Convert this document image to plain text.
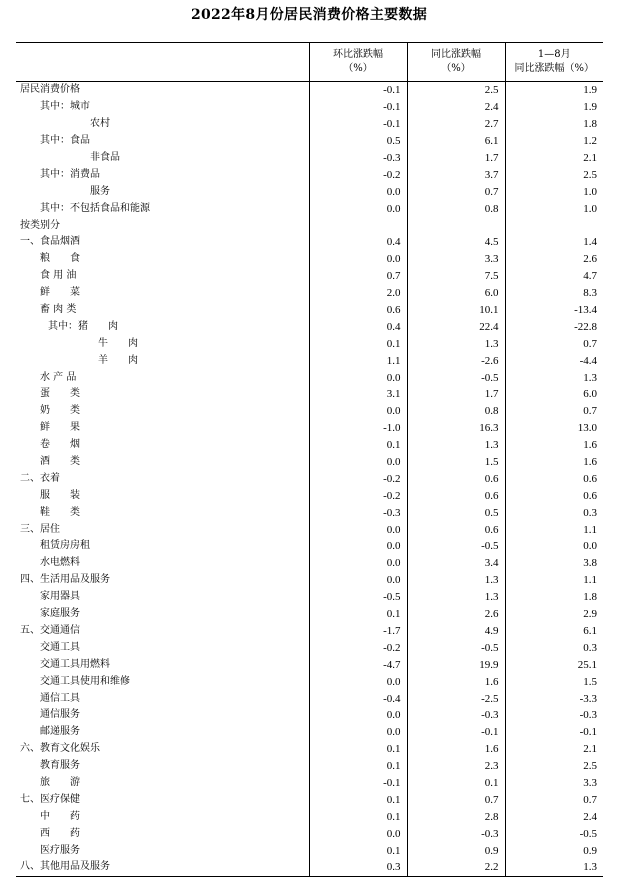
2022年8月份居民消费价格主要数据

	环比涨跌幅
（%）	同比涨跌幅
（%）	1—8月
同比涨跌幅（%）

居民消费价格	-0.1	2.5	1.9
其中：城市	-0.1	2.4	1.9
农村	-0.1	2.7	1.8
其中：食品	0.5	6.1	1.2
非食品	-0.3	1.7	2.1
其中：消费品	-0.2	3.7	2.5
服务	0.0	0.7	1.0
其中：不包括食品和能源	0.0	0.8	1.0
按类别分			
一、食品烟酒	0.4	4.5	1.4
粮　　食	0.0	3.3	2.6
食 用 油	0.7	7.5	4.7
鲜　　菜	2.0	6.0	8.3
畜 肉 类	0.6	10.1	-13.4
其中：猪　　肉	0.4	22.4	-22.8
牛　　肉	0.1	1.3	0.7
羊　　肉	1.1	-2.6	-4.4
水 产 品	0.0	-0.5	1.3
蛋　　类	3.1	1.7	6.0
奶　　类	0.0	0.8	0.7
鲜　　果	-1.0	16.3	13.0
卷　　烟	0.1	1.3	1.6
酒　　类	0.0	1.5	1.6
二、衣着	-0.2	0.6	0.6
服　　装	-0.2	0.6	0.6
鞋　　类	-0.3	0.5	0.3
三、居住	0.0	0.6	1.1
租赁房房租	0.0	-0.5	0.0
水电燃料	0.0	3.4	3.8
四、生活用品及服务	0.0	1.3	1.1
家用器具	-0.5	1.3	1.8
家庭服务	0.1	2.6	2.9
五、交通通信	-1.7	4.9	6.1
交通工具	-0.2	-0.5	0.3
交通工具用燃料	-4.7	19.9	25.1
交通工具使用和维修	0.0	1.6	1.5
通信工具	-0.4	-2.5	-3.3
通信服务	0.0	-0.3	-0.3
邮递服务	0.0	-0.1	-0.1
六、教育文化娱乐	0.1	1.6	2.1
教育服务	0.1	2.3	2.5
旅　　游	-0.1	0.1	3.3
七、医疗保健	0.1	0.7	0.7
中　　药	0.1	2.8	2.4
西　　药	0.0	-0.3	-0.5
医疗服务	0.1	0.9	0.9
八、其他用品及服务	0.3	2.2	1.3
